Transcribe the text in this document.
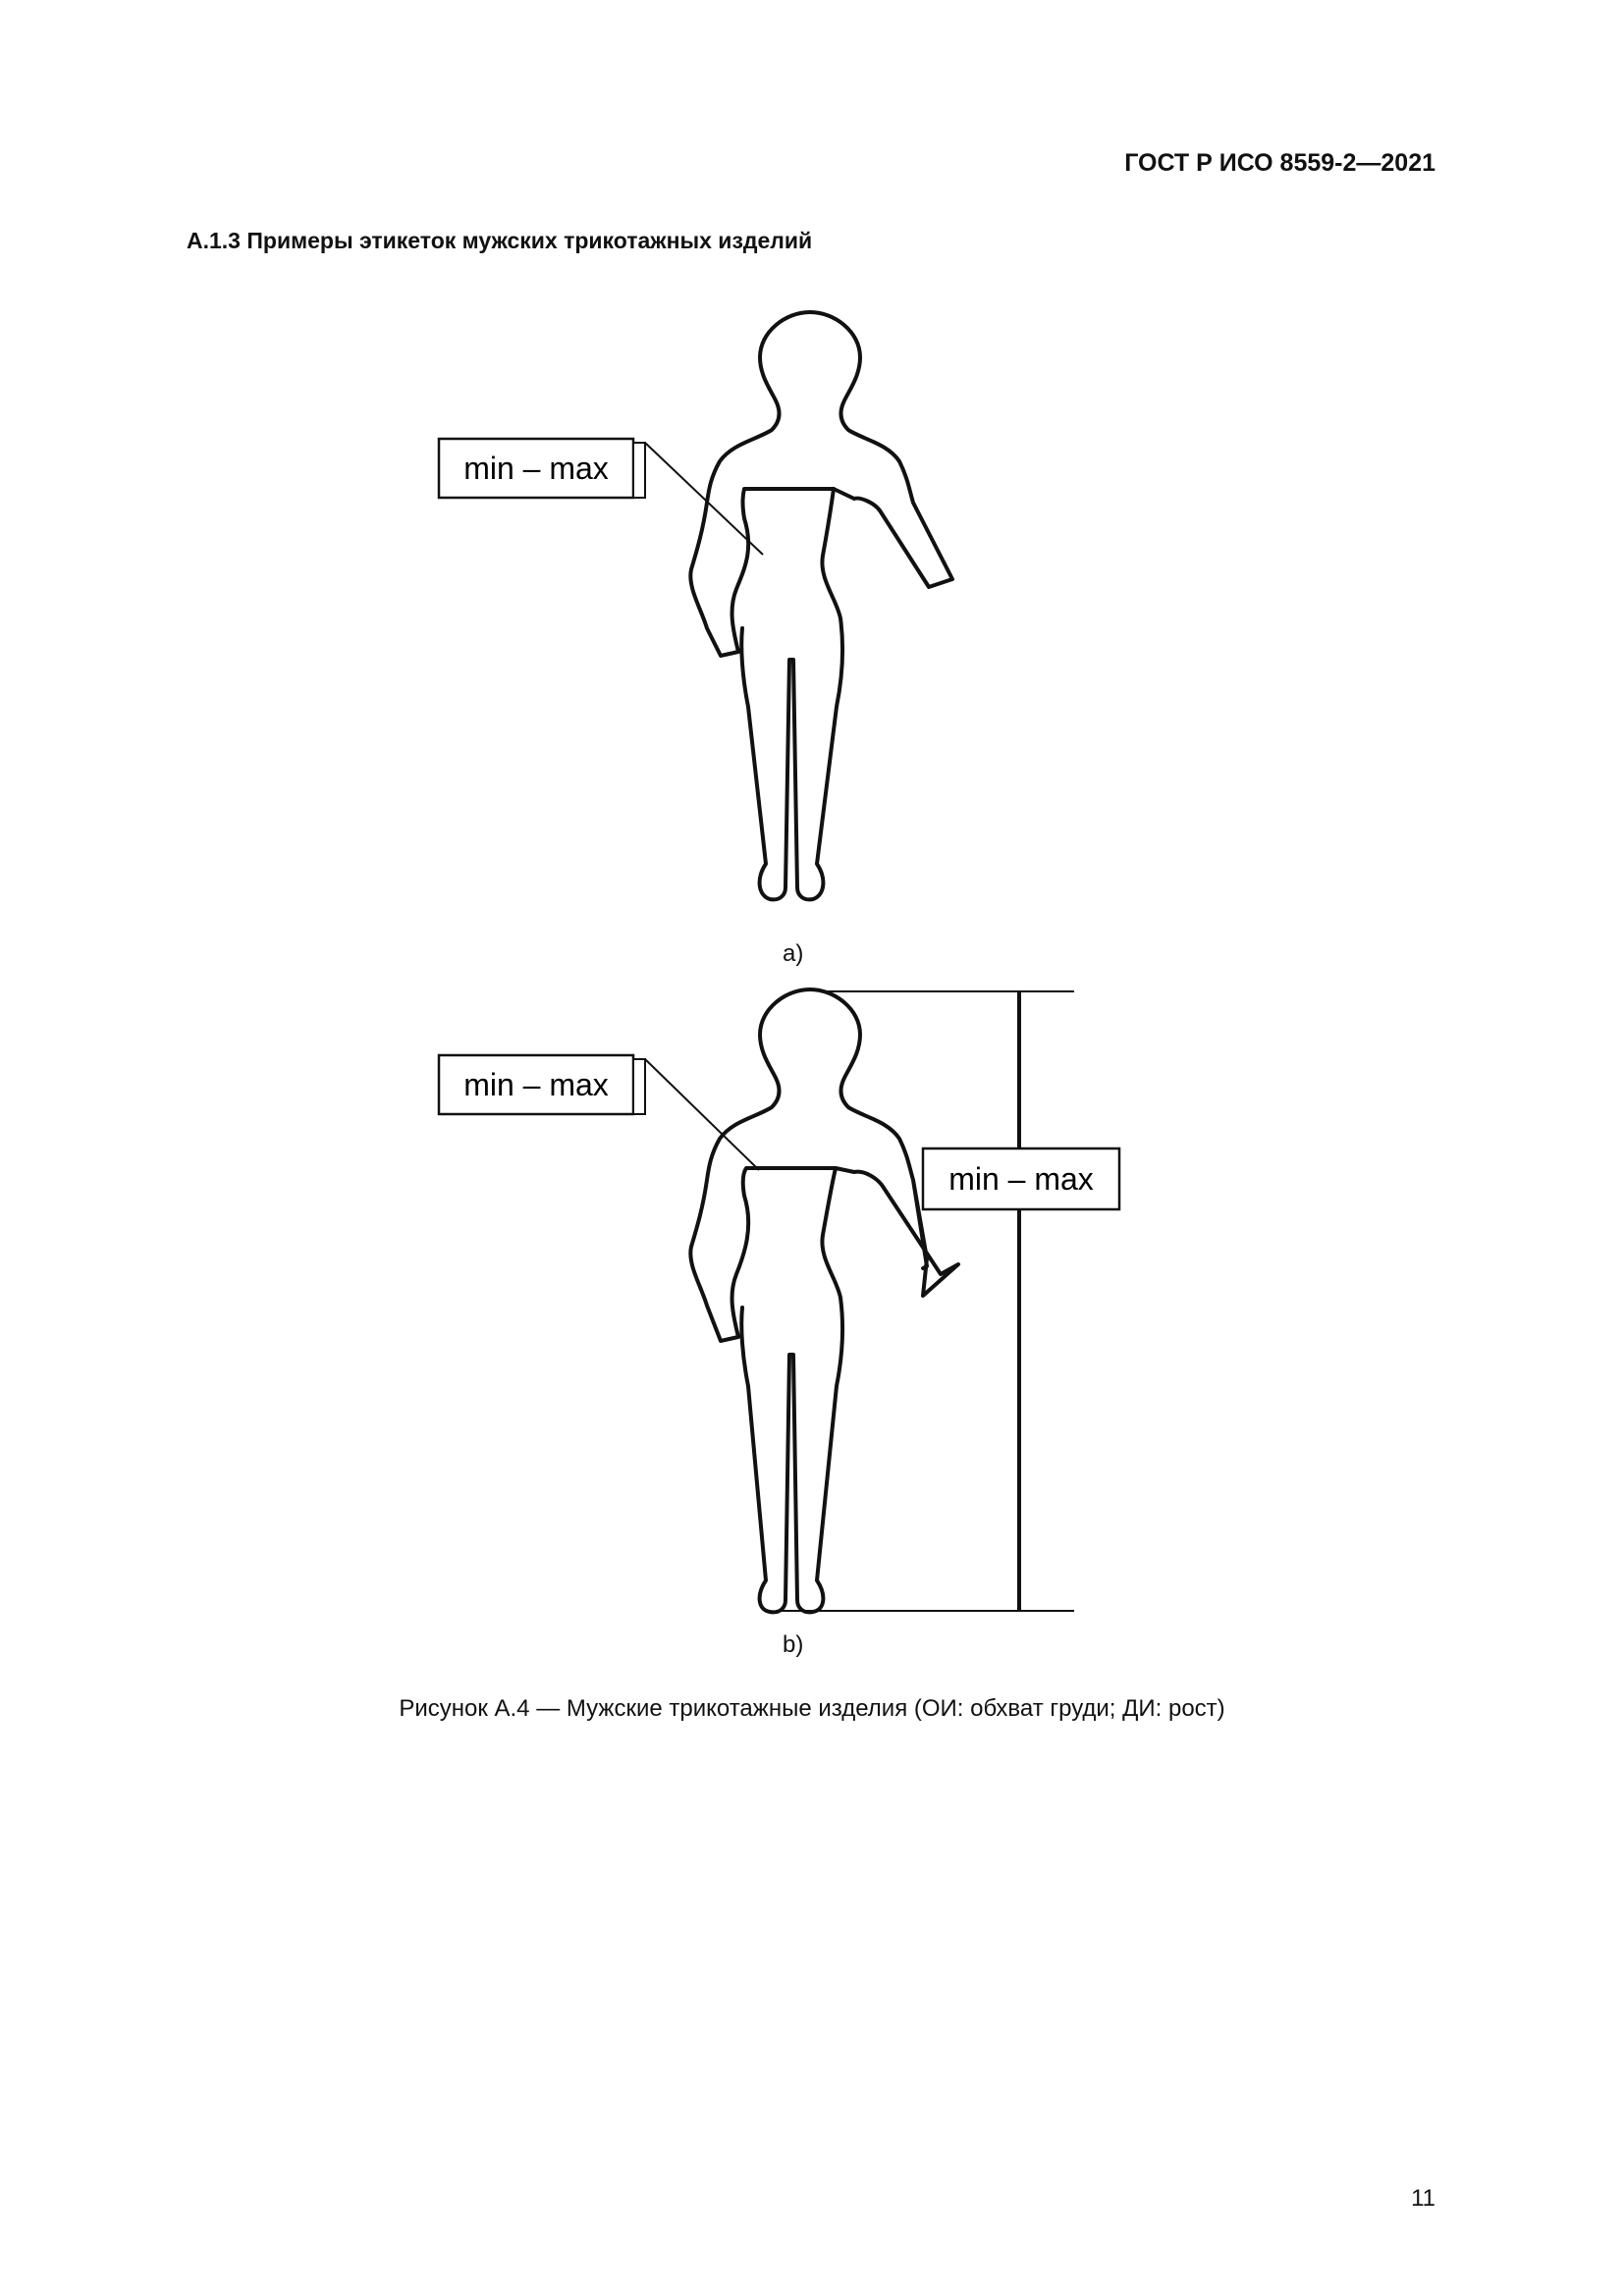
ГОСТ Р ИСО 8559-2—2021

А.1.3 Примеры этикеток мужских трикотажных изделий

min – max
min – max
min – max
a)
b)

Рисунок А.4 — Мужские трикотажные изделия (ОИ: обхват груди; ДИ: рост)

11
